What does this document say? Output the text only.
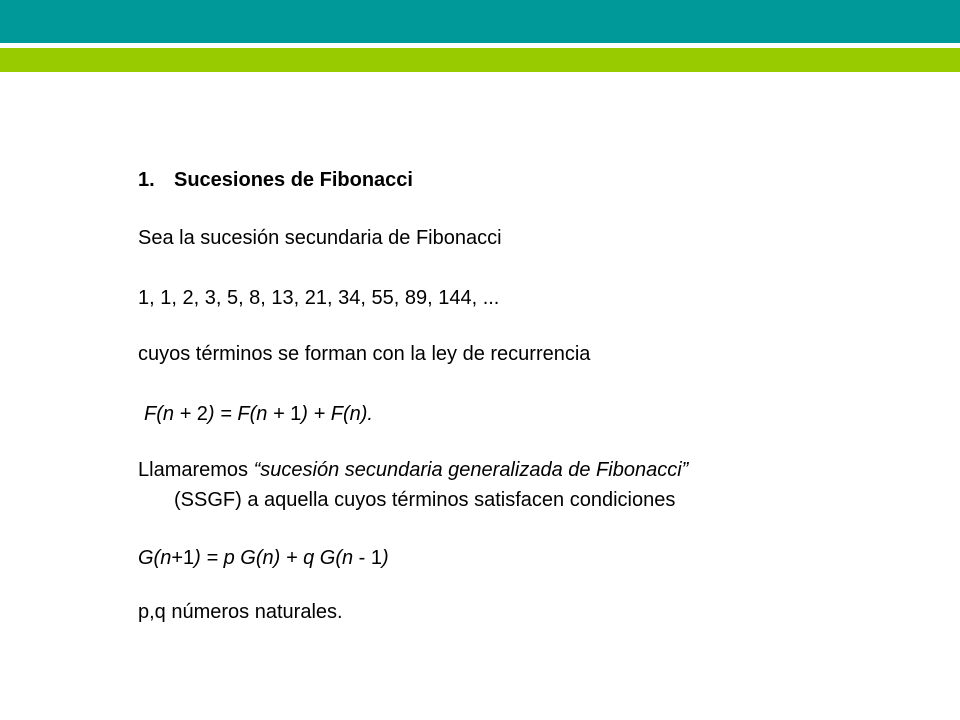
1. Sucesiones de Fibonacci
Sea la sucesión secundaria de Fibonacci
1, 1, 2, 3, 5, 8, 13, 21, 34, 55, 89, 144, ...
cuyos términos se forman con la ley de recurrencia
F(n + 2) = F(n + 1) + F(n).
Llamaremos “sucesión secundaria generalizada de Fibonacci”
(SSGF) a aquella cuyos términos satisfacen condiciones
G(n+1) = p G(n) + q G(n - 1)
p,q números naturales.
